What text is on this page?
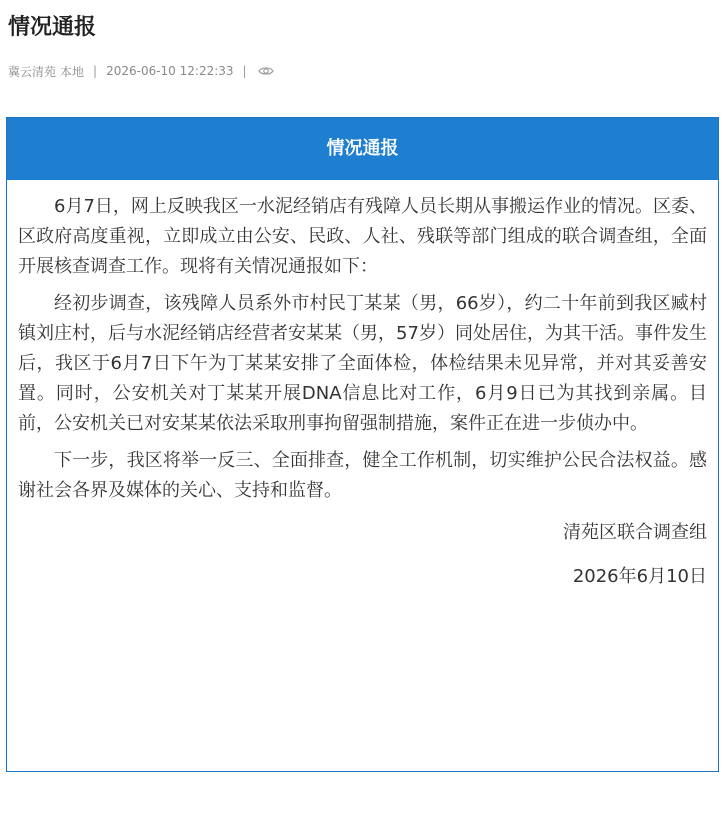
情况通报
冀云清苑 本地 | 2026-06-10 12:22:33 |
情况通报

6月7日，网上反映我区一水泥经销店有残障人员长期从事搬运作业的情况。区委、区政府高度重视，立即成立由公安、民政、人社、残联等部门组成的联合调查组，全面开展核查调查工作。现将有关情况通报如下：

经初步调查，该残障人员系外市村民丁某某（男，66岁），约二十年前到我区臧村镇刘庄村，后与水泥经销店经营者安某某（男，57岁）同处居住，为其干活。事件发生后，我区于6月7日下午为丁某某安排了全面体检，体检结果未见异常，并对其妥善安置。同时，公安机关对丁某某开展DNA信息比对工作，6月9日已为其找到亲属。目前，公安机关已对安某某依法采取刑事拘留强制措施，案件正在进一步侦办中。

下一步，我区将举一反三、全面排查，健全工作机制，切实维护公民合法权益。感谢社会各界及媒体的关心、支持和监督。

清苑区联合调查组
2026年6月10日
